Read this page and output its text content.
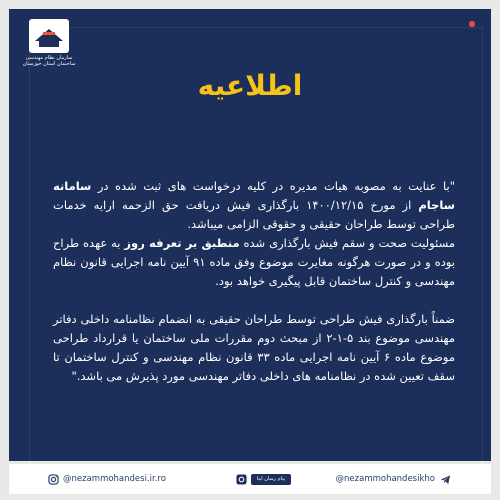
سازمان نظام مهندسی ساختمان استان خوزستان
اطلاعیه

"با عنایت به مصوبه هیات مدیره در کلیه درخواست های ثبت شده در سامانه ساجام از مورخ ۱۴۰۰/۱۲/۱۵ بارگذاری فیش دریافت حق الزحمه ارایه خدمات طراحی توسط طراحان حقیقی و حقوقی الزامی میباشد.

مسئولیت صحت و سقم فیش بارگذاری شده منطبق بر تعرفه روز به عهده طراح بوده و در صورت هرگونه مغایرت موضوع وفق ماده ۹۱ آیین نامه اجرایی قانون نظام مهندسی و کنترل ساختمان قابل پیگیری خواهد بود.

ضمناً بارگذاری فیش طراحی توسط طراحان حقیقی به انضمام نظامنامه داخلی دفاتر مهندسی موضوع بند ۵-۱-۲ از مبحث دوم مقررات ملی ساختمان یا قرارداد طراحی موضوع ماده ۶ آیین نامه اجرایی ماده ۳۳ قانون نظام مهندسی و کنترل ساختمان تا سقف تعیین شده در نظامنامه های داخلی دفاتر مهندسی مورد پذیرش می باشد."

@nezammohandesi.ir.ro	پیام رسان ایتا	@nezammohandesikho
